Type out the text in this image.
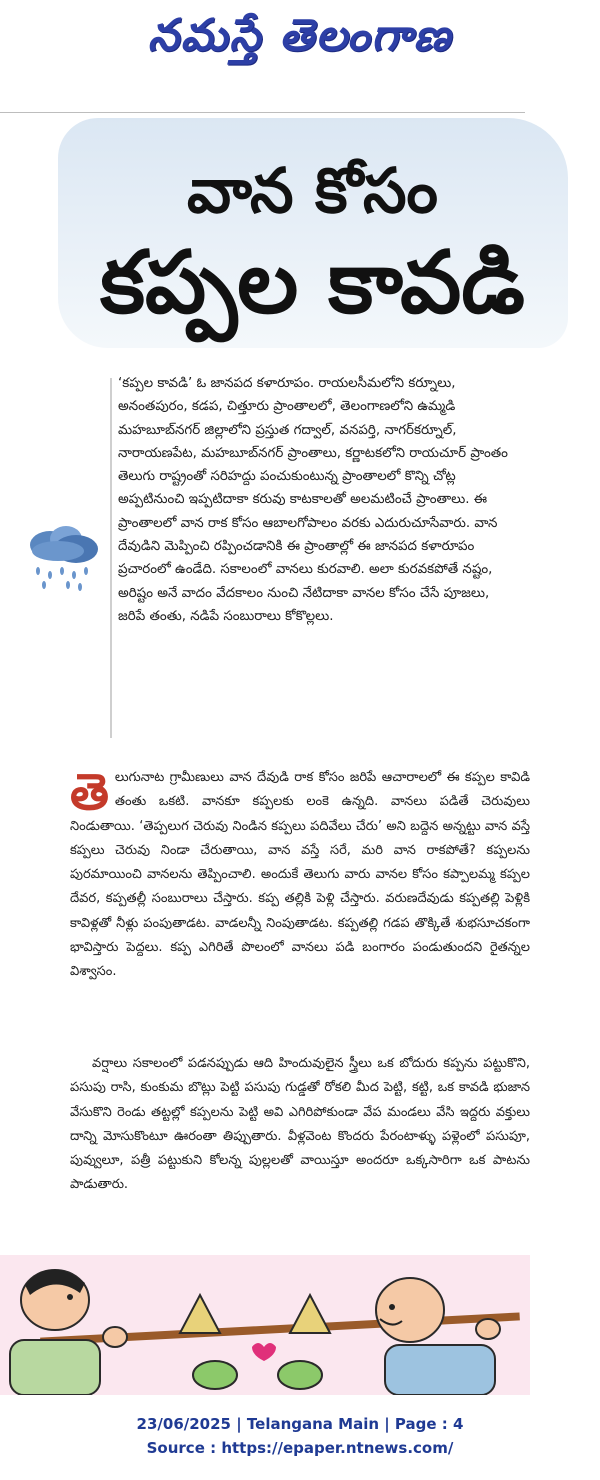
నమస్తే తెలంగాణ
వాన కోసం
కప్పల కావడి

‘కప్పల కావడి’ ఓ జానపద కళారూపం. రాయలసీమలోని కర్నూలు, అనంతపురం, కడప, చిత్తూరు ప్రాంతాలలో, తెలంగాణలోని ఉమ్మడి మహబూబ్‌నగర్ జిల్లాలోని ప్రస్తుత గద్వాల్, వనపర్తి, నాగర్‌కర్నూల్, నారాయణపేట, మహబూబ్‌నగర్ ప్రాంతాలు, కర్ణాటకలోని రాయచూర్ ప్రాంతం తెలుగు రాష్ట్రంతో సరిహద్దు పంచుకుంటున్న ప్రాంతాలలో కొన్ని చోట్ల అప్పటినుంచి ఇప్పటిదాకా కరువు కాటకాలతో అలమటించే ప్రాంతాలు. ఈ ప్రాంతాలలో వాన రాక కోసం ఆబాలగోపాలం వరకు ఎదురుచూసేవారు. వాన దేవుడిని మెప్పించి రప్పించడానికి ఈ ప్రాంతాల్లో ఈ జానపద కళారూపం ప్రచారంలో ఉండేది. సకాలంలో వానలు కురవాలి. అలా కురవకపోతే నష్టం, అరిష్టం అనే వాదం వేదకాలం నుంచి నేటిదాకా వానల కోసం చేసే పూజలు, జరిపే తంతు, నడిపే సంబురాలు కోకొల్లలు.

తె లుగునాట గ్రామీణులు వాన దేవుడి రాక కోసం జరిపే ఆచారాలలో ఈ కప్పల కావిడి తంతు ఒకటి. వానకూ కప్పలకు లంకె ఉన్నది. వానలు పడితే చెరువులు నిండుతాయి. ‘తెప్పలుగ చెరువు నిండిన కప్పలు పదివేలు చేరు’ అని బద్దెన అన్నట్టు వాన వస్తే కప్పలు చెరువు నిండా చేరుతాయి, వాన వస్తే సరే, మరి వాన రాకపోతే? కప్పలను పురమాయించి వానలను తెప్పించాలి. అందుకే తెలుగు వారు వానల కోసం కప్పాలమ్మ కప్పల దేవర, కప్పతల్లీ సంబురాలు చేస్తారు. కప్ప తల్లికి పెళ్లి చేస్తారు. వరుణదేవుడు కప్పతల్లి పెళ్లికి కావిళ్లతో నీళ్లు పంపుతాడట. వాడలన్నీ నింపుతాడట. కప్పతల్లి గడప తొక్కితే శుభసూచకంగా భావిస్తారు పెద్దలు. కప్ప ఎగిరితే పొలంలో వానలు పడి బంగారం పండుతుందని రైతన్నల విశ్వాసం.

వర్షాలు సకాలంలో పడనప్పుడు ఆది హిందువులైన స్త్రీలు ఒక బోదురు కప్పను పట్టుకొని, పసుపు రాసి, కుంకుమ బొట్లు పెట్టి పసుపు గుడ్డతో రోకలి మీద పెట్టి, కట్టి, ఒక కావడి భుజాన వేసుకొని రెండు తట్టల్లో కప్పలను పెట్టి అవి ఎగిరిపోకుండా వేప మండలు వేసి ఇద్దరు వక్తులు దాన్ని మోసుకొంటూ ఊరంతా తిప్పుతారు. వీళ్లవెంట కొందరు పేరంటాళ్ళు పళ్లెంలో పసుపూ, పువ్వులూ, పత్రీ పట్టుకుని కోలన్న పుల్లలతో వాయిస్తూ అందరూ ఒక్కసారిగా ఒక పాటను పాడుతారు.

23/06/2025 | Telangana Main | Page : 4
Source : https://epaper.ntnews.com/
